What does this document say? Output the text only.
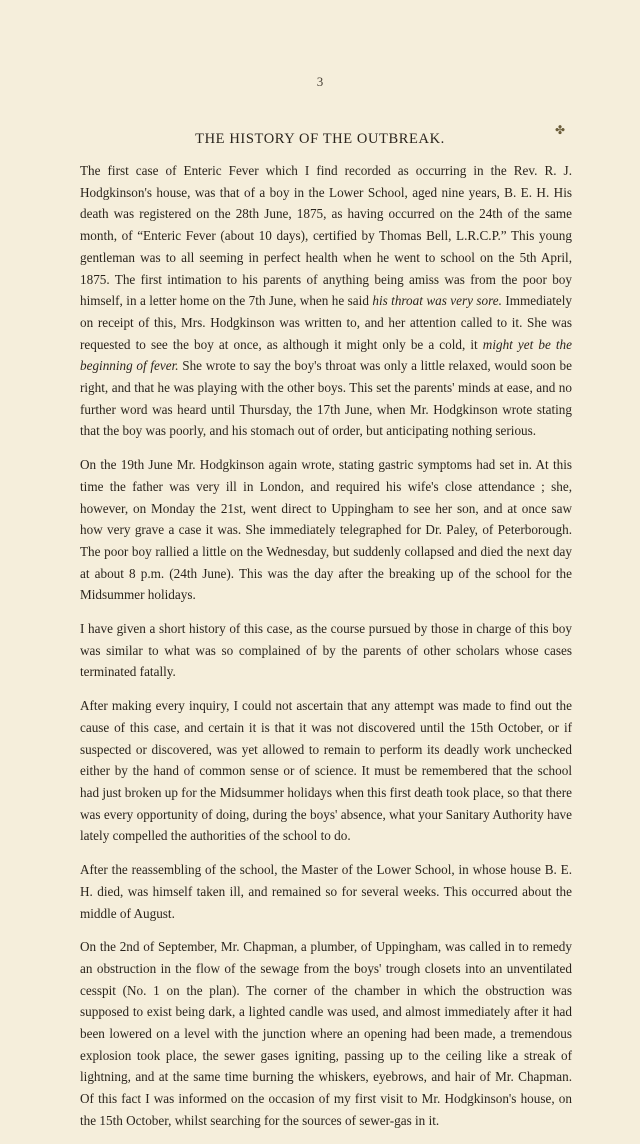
3
✤
THE HISTORY OF THE OUTBREAK.

The first case of Enteric Fever which I find recorded as occurring in the Rev. R. J. Hodgkinson's house, was that of a boy in the Lower School, aged nine years, B. E. H. His death was registered on the 28th June, 1875, as having occurred on the 24th of the same month, of “Enteric Fever (about 10 days), certified by Thomas Bell, L.R.C.P.” This young gentleman was to all seeming in perfect health when he went to school on the 5th April, 1875. The first intimation to his parents of anything being amiss was from the poor boy himself, in a letter home on the 7th June, when he said his throat was very sore. Immediately on receipt of this, Mrs. Hodgkinson was written to, and her attention called to it. She was requested to see the boy at once, as although it might only be a cold, it might yet be the beginning of fever. She wrote to say the boy's throat was only a little relaxed, would soon be right, and that he was playing with the other boys. This set the parents' minds at ease, and no further word was heard until Thursday, the 17th June, when Mr. Hodgkinson wrote stating that the boy was poorly, and his stomach out of order, but anticipating nothing serious.

On the 19th June Mr. Hodgkinson again wrote, stating gastric symptoms had set in. At this time the father was very ill in London, and required his wife's close attendance ; she, however, on Monday the 21st, went direct to Uppingham to see her son, and at once saw how very grave a case it was. She immediately telegraphed for Dr. Paley, of Peterborough. The poor boy rallied a little on the Wednesday, but suddenly collapsed and died the next day at about 8 p.m. (24th June). This was the day after the breaking up of the school for the Midsummer holidays.

I have given a short history of this case, as the course pursued by those in charge of this boy was similar to what was so complained of by the parents of other scholars whose cases terminated fatally.

After making every inquiry, I could not ascertain that any attempt was made to find out the cause of this case, and certain it is that it was not discovered until the 15th October, or if suspected or discovered, was yet allowed to remain to perform its deadly work unchecked either by the hand of common sense or of science. It must be remembered that the school had just broken up for the Midsummer holidays when this first death took place, so that there was every opportunity of doing, during the boys' absence, what your Sanitary Authority have lately compelled the authorities of the school to do.

After the reassembling of the school, the Master of the Lower School, in whose house B. E. H. died, was himself taken ill, and remained so for several weeks. This occurred about the middle of August.

On the 2nd of September, Mr. Chapman, a plumber, of Uppingham, was called in to remedy an obstruction in the flow of the sewage from the boys' trough closets into an unventilated cesspit (No. 1 on the plan). The corner of the chamber in which the obstruction was supposed to exist being dark, a lighted candle was used, and almost immediately after it had been lowered on a level with the junction where an opening had been made, a tremendous explosion took place, the sewer gases igniting, passing up to the ceiling like a streak of lightning, and at the same time burning the whiskers, eyebrows, and hair of Mr. Chapman. Of this fact I was informed on the occasion of my first visit to Mr. Hodgkinson's house, on the 15th October, whilst searching for the sources of sewer-gas in it.
